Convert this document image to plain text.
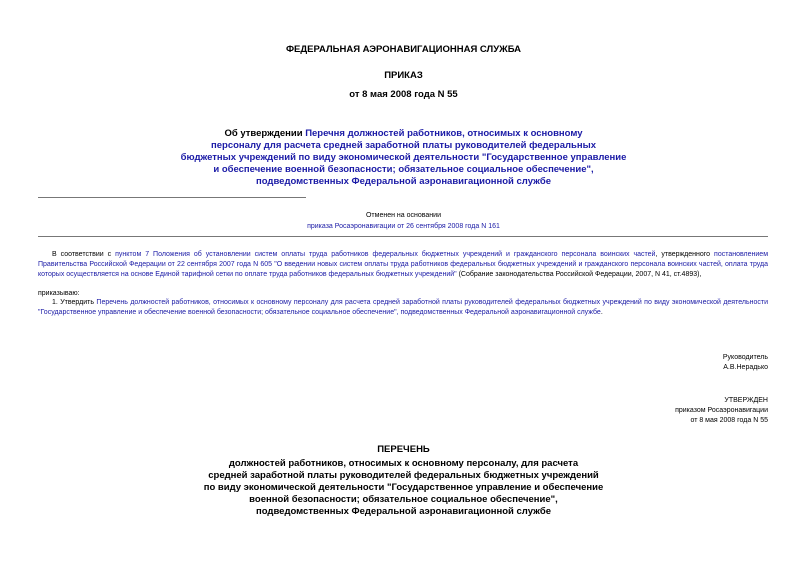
ФЕДЕРАЛЬНАЯ АЭРОНАВИГАЦИОННАЯ СЛУЖБА
ПРИКАЗ
от 8 мая 2008 года N 55
Об утверждении Перечня должностей работников, относимых к основному
персоналу для расчета средней заработной платы руководителей федеральных
бюджетных учреждений по виду экономической деятельности "Государственное управление
и обеспечение военной безопасности; обязательное социальное обеспечение",
подведомственных Федеральной аэронавигационной службе
Отменен на основании
приказа Росаэронавигации от 26 сентября 2008 года N 161
В соответствии с пунктом 7 Положения об установлении систем оплаты труда работников федеральных бюджетных учреждений и гражданского персонала воинских частей, утвержденного постановлением Правительства Российской Федерации от 22 сентября 2007 года N 605 "О введении новых систем оплаты труда работников федеральных бюджетных учреждений и гражданского персонала воинских частей, оплата труда которых осуществляется на основе Единой тарифной сетки по оплате труда работников федеральных бюджетных учреждений" (Собрание законодательства Российской Федерации, 2007, N 41, ст.4893),
приказываю:
1. Утвердить Перечень должностей работников, относимых к основному персоналу для расчета средней заработной платы руководителей федеральных бюджетных учреждений по виду экономической деятельности "Государственное управление и обеспечение военной безопасности; обязательное социальное обеспечение", подведомственных Федеральной аэронавигационной службе.
Руководитель
А.В.Нерадько
УТВЕРЖДЕН
приказом Росаэронавигации
от 8 мая 2008 года N 55
ПЕРЕЧЕНЬ
должностей работников, относимых к основному персоналу, для расчета
средней заработной платы руководителей федеральных бюджетных учреждений
по виду экономической деятельности "Государственное управление и обеспечение
военной безопасности; обязательное социальное обеспечение",
подведомственных Федеральной аэронавигационной службе
